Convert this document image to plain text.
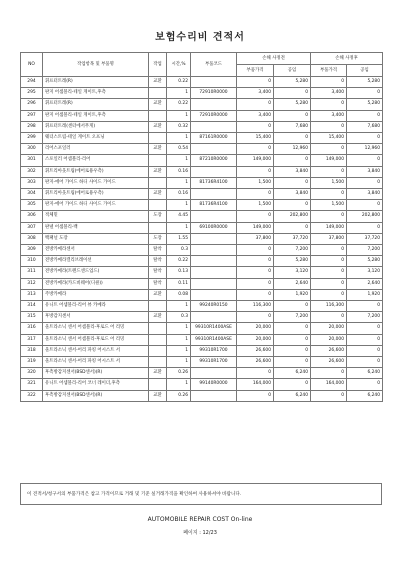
보험수리비 견적서
NO	작업항목 및 부품명	작업	시간,%	부품코드	손해 사정전		손해 사정후	
					부품가격	공임	부품가격	공임
294	휘프터트레(R)	교환	0.22		0	5,280	0	5,280
295	판지 어셈블리-테일 게이트,후측		1	72910R0000	3,400	0	3,400	0
296	휘프터트레(R)	교환	0.22		0	5,280	0	5,280
297	판지 어셈블리-테일 게이트,후측		1	72910R0000	3,400	0	3,400	0
298	휘프터트레(센터에서무게)	교환	0.32		0	7,680	0	7,680
299	웨더스트립-테일 게이트 오프닝		1	87161R0000	15,400	0	15,400	0
300	리어스포일러	교환	0.54		0	12,960	0	12,960
301	스포일러 어셈블리-리어		1	87210R0000	149,000	0	149,000	0
302	휘트리아웃트림(에어로용우측)	교환	0.16		0	3,840	0	3,840
303	판지-에어 가이드 하디 사이드 가이드		1	81736R4100	1,500	0	1,500	0
304	휘트리아웃트림(에어로용우측)	교환	0.16		0	3,840	0	3,840
305	판지-에어 가이드 하디 사이드 가이드		1	81736R4100	1,500	0	1,500	0
306	적체밑	도장	4.45		0	202,800	0	202,800
307	판넬 어셈블리-백		1	69100R0000	149,000	0	149,000	0
308	백패널 도장	도장	1.55		37,800	37,720	37,800	37,720
309	전방카메라센서	탈착	0.3		0	7,200	0	7,200
310	전방카메라캘리브레이션	탈착	0.22		0	5,280	0	5,280
311	전방카메라(트렌드센드업드)	탈착	0.13		0	3,120	0	3,120
312	전방카메라(카드비웨어(디클))	탈착	0.11		0	2,640	0	2,640
313	주방카메라	교환	0.08		0	1,920	0	1,920
314	유니트 어셈블리-리어 뷰 카메라		1	99240R0150	116,300	0	116,300	0
315	후방감지센서	교환	0.3		0	7,200	0	7,200
316	울트라소닉 센서 어셈블리-후로드 어 리밍		1	99310R1400ASE	20,000	0	20,000	0
317	울트라소닉 센서 어셈블리-후로드 어 리밍		1	99310R1400ASE	20,000	0	20,000	0
318	울트라소닉 센서-어리 파킹 어시스트 서		1	99310R1700	26,600	0	26,600	0
319	울트라소닉 센서-어리 파킹 어시스트 서		1	99310R1700	26,600	0	26,600	0
320	후측방감지센서(BSD센서)(R)	교환	0.26		0	6,240	0	6,240
321	유니트 어셈블리-리어 코너 레이더,후측		1	99140R0000	164,000	0	164,000	0
322	후측방감지센서(BSD센서)(R)	교환	0.26		0	6,240	0	6,240
이 견적서/청구서의 부품가격은 참고 가격이므로 거래 및 기준 실거래가격을 확인하여 사용하셔야 바랍니다.
AUTOMOBILE REPAIR COST On-line
페이지 : 12/23
